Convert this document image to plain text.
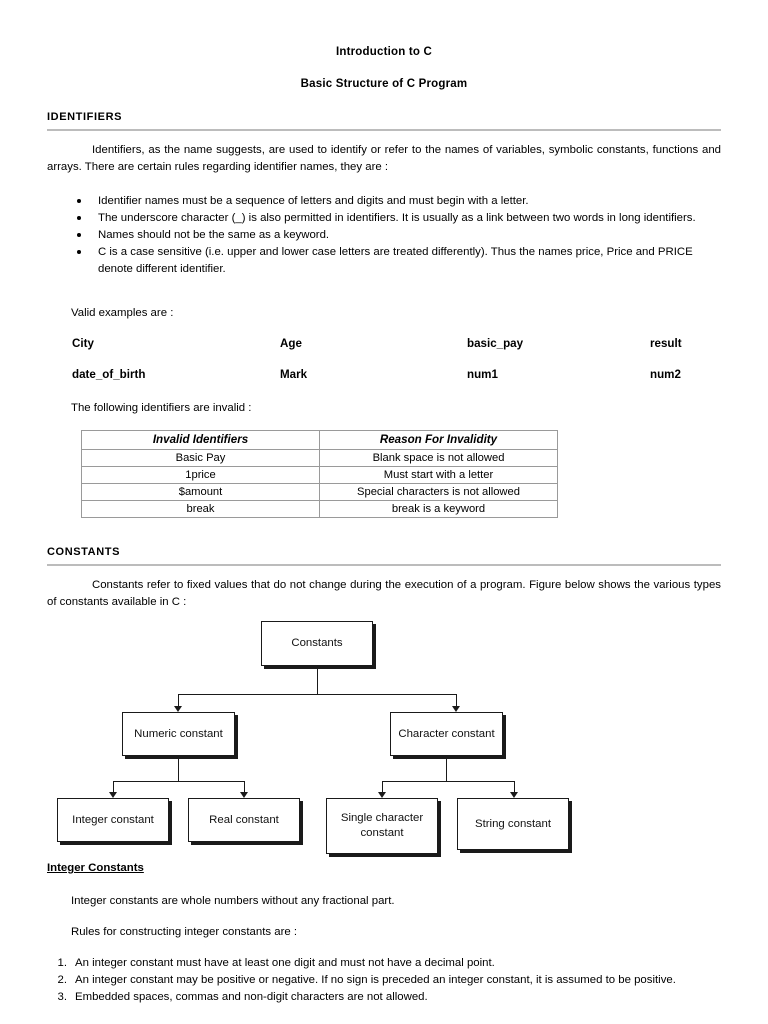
Introduction to C
Basic Structure of C Program
IDENTIFIERS
Identifiers, as the name suggests, are used to identify or refer to the names of variables, symbolic constants, functions and arrays. There are certain rules regarding identifier names, they are :
Identifier names must be a sequence of letters and digits and must begin with a letter.
The underscore character (_) is also permitted in identifiers. It is usually as a link between two words in long identifiers.
Names should not be the same as a keyword.
C is a case sensitive (i.e. upper and lower case letters are treated differently). Thus the names price, Price and PRICE denote different identifier.
Valid examples are :
City	Age	basic_pay	result
date_of_birth	Mark	num1	num2
The following identifiers are invalid :
Invalid Identifiers	Reason For Invalidity
Basic Pay	Blank space is not allowed
1price	Must start with a letter
$amount	Special characters is not allowed
break	break is a keyword
CONSTANTS
Constants refer to fixed values that do not change during the execution of a program. Figure below shows the various types of constants available in C :
Constants
Numeric constant	Character constant
Integer constant	Real constant	Single character constant
String constant
Integer Constants
Integer constants are whole numbers without any fractional part.
Rules for constructing integer constants are :
1. An integer constant must have at least one digit and must not have a decimal point.
2. An integer constant may be positive or negative. If no sign is preceded an integer constant, it is assumed to be positive.
3. Embedded spaces, commas and non-digit characters are not allowed.
